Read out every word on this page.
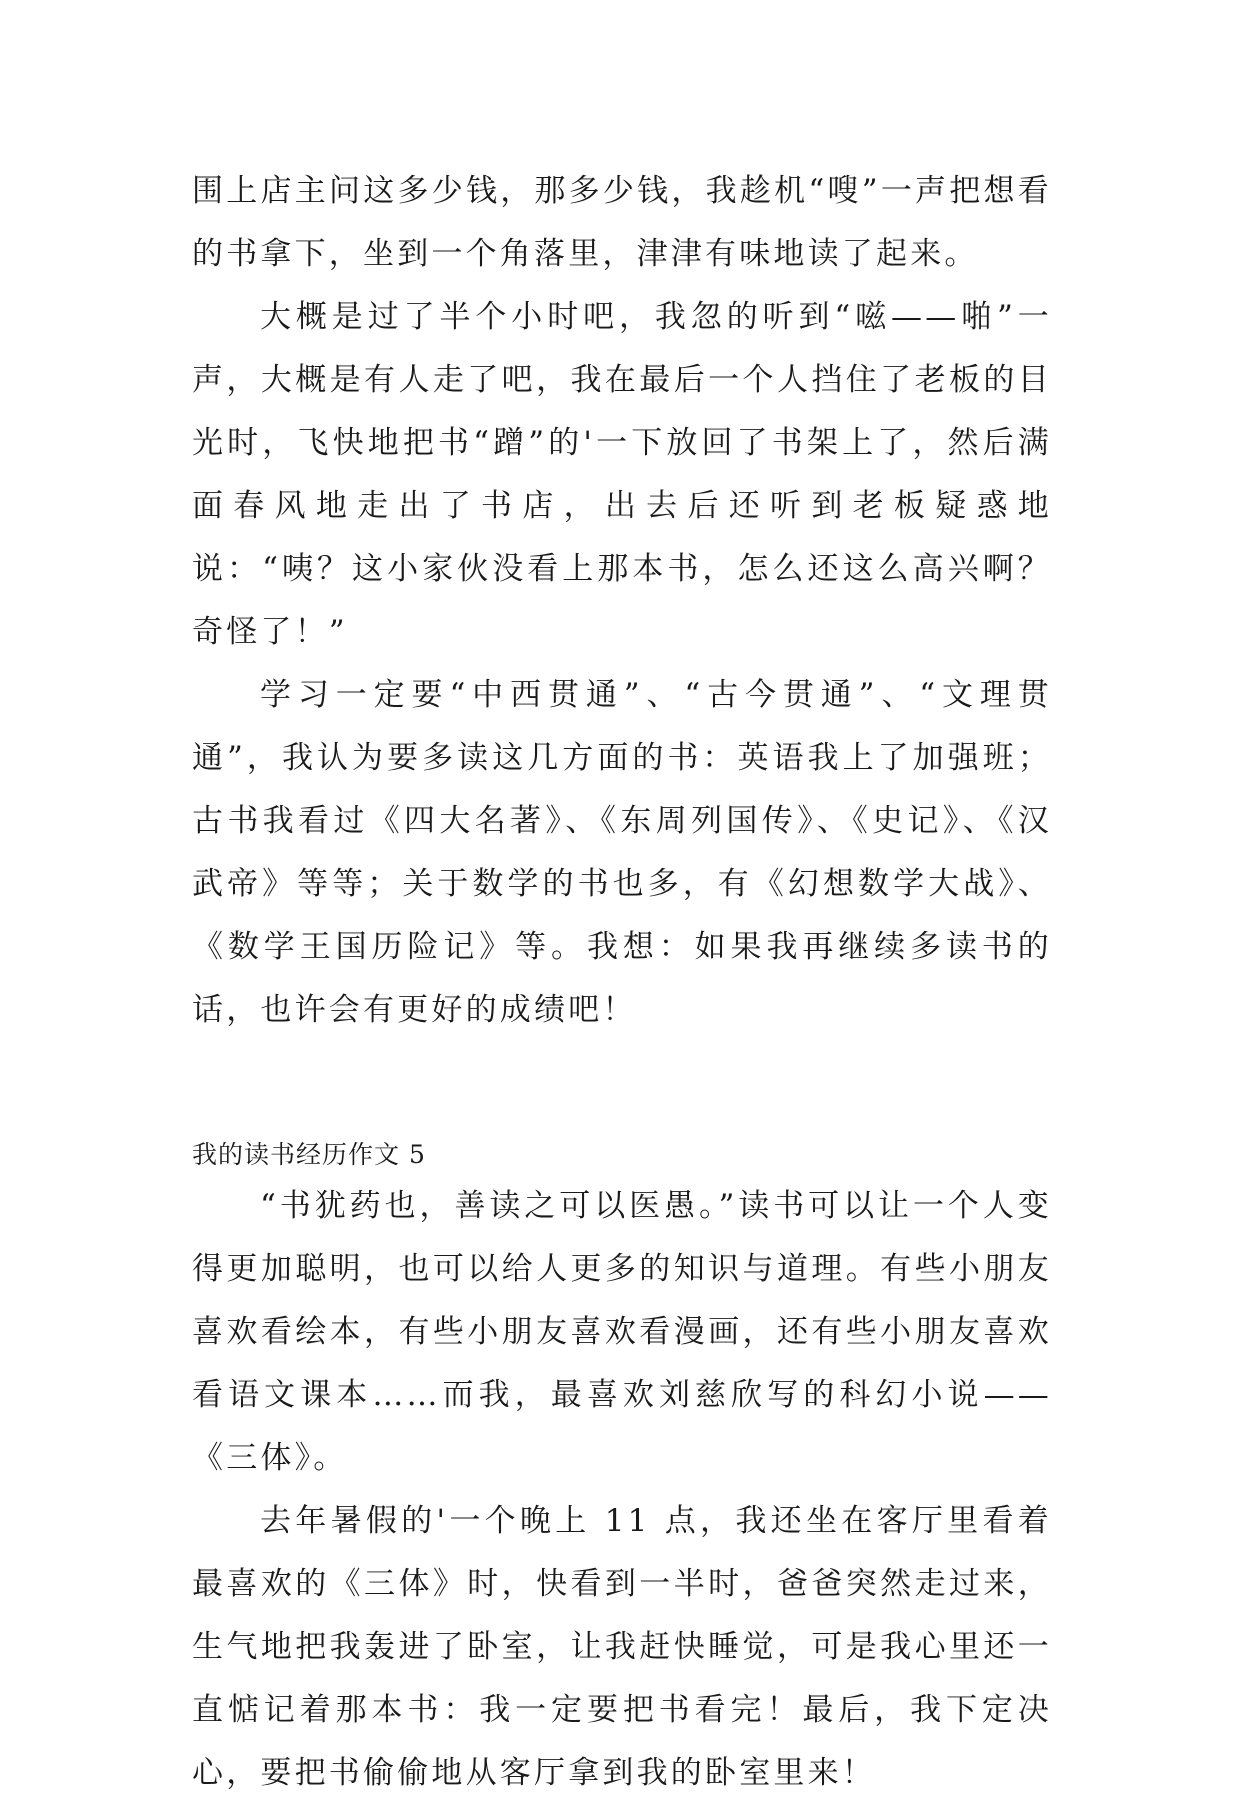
围上店主问这多少钱，那多少钱，我趁机“嗖”一声把想看的书拿下，坐到一个角落里，津津有味地读了起来。

大概是过了半个小时吧，我忽的听到“嗞——啪”一声，大概是有人走了吧，我在最后一个人挡住了老板的目光时，飞快地把书“蹭”的'一下放回了书架上了，然后满面春风地走出了书店，出去后还听到老板疑惑地说：“咦？这小家伙没看上那本书，怎么还这么高兴啊？奇怪了！”

学习一定要“中西贯通”、“古今贯通”、“文理贯通”，我认为要多读这几方面的书：英语我上了加强班；古书我看过《四大名著》、《东周列国传》、《史记》、《汉武帝》等等；关于数学的书也多，有《幻想数学大战》、《数学王国历险记》等。我想：如果我再继续多读书的话，也许会有更好的成绩吧！

我的读书经历作文 5

“书犹药也，善读之可以医愚。”读书可以让一个人变得更加聪明，也可以给人更多的知识与道理。有些小朋友喜欢看绘本，有些小朋友喜欢看漫画，还有些小朋友喜欢看语文课本……而我，最喜欢刘慈欣写的科幻小说——《三体》。

去年暑假的'一个晚上 11 点，我还坐在客厅里看着最喜欢的《三体》时，快看到一半时，爸爸突然走过来，生气地把我轰进了卧室，让我赶快睡觉，可是我心里还一直惦记着那本书：我一定要把书看完！最后，我下定决心，要把书偷偷地从客厅拿到我的卧室里来！
